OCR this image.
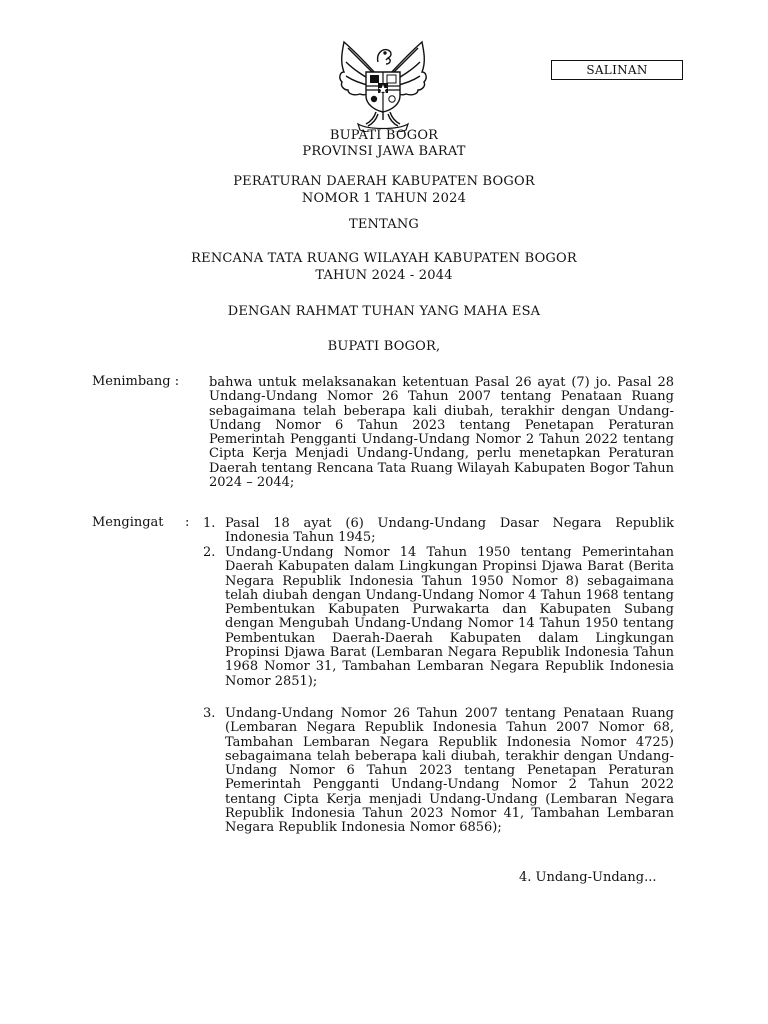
SALINAN
BUPATI BOGOR
PROVINSI JAWA BARAT
PERATURAN DAERAH KABUPATEN BOGOR
NOMOR 1 TAHUN 2024
TENTANG
RENCANA TATA RUANG WILAYAH KABUPATEN BOGOR
TAHUN 2024 - 2044
DENGAN RAHMAT TUHAN YANG MAHA ESA
BUPATI BOGOR,
Menimbang : bahwa untuk melaksanakan ketentuan Pasal 26 ayat (7) jo. Pasal 28 Undang-Undang Nomor 26 Tahun 2007 tentang Penataan Ruang sebagaimana telah beberapa kali diubah, terakhir dengan Undang-Undang Nomor 6 Tahun 2023 tentang Penetapan Peraturan Pemerintah Pengganti Undang-Undang Nomor 2 Tahun 2022 tentang Cipta Kerja Menjadi Undang-Undang, perlu menetapkan Peraturan Daerah tentang Rencana Tata Ruang Wilayah Kabupaten Bogor Tahun 2024 – 2044;
Mengingat : 1. Pasal 18 ayat (6) Undang-Undang Dasar Negara Republik Indonesia Tahun 1945;
2. Undang-Undang Nomor 14 Tahun 1950 tentang Pemerintahan Daerah Kabupaten dalam Lingkungan Propinsi Djawa Barat (Berita Negara Republik Indonesia Tahun 1950 Nomor 8) sebagaimana telah diubah dengan Undang-Undang Nomor 4 Tahun 1968 tentang Pembentukan Kabupaten Purwakarta dan Kabupaten Subang dengan Mengubah Undang-Undang Nomor 14 Tahun 1950 tentang Pembentukan Daerah-Daerah Kabupaten dalam Lingkungan Propinsi Djawa Barat (Lembaran Negara Republik Indonesia Tahun 1968 Nomor 31, Tambahan Lembaran Negara Republik Indonesia Nomor 2851);
3. Undang-Undang Nomor 26 Tahun 2007 tentang Penataan Ruang (Lembaran Negara Republik Indonesia Tahun 2007 Nomor 68, Tambahan Lembaran Negara Republik Indonesia Nomor 4725) sebagaimana telah beberapa kali diubah, terakhir dengan Undang-Undang Nomor 6 Tahun 2023 tentang Penetapan Peraturan Pemerintah Pengganti Undang-Undang Nomor 2 Tahun 2022 tentang Cipta Kerja menjadi Undang-Undang (Lembaran Negara Republik Indonesia Tahun 2023 Nomor 41, Tambahan Lembaran Negara Republik Indonesia Nomor 6856);
4. Undang-Undang...
